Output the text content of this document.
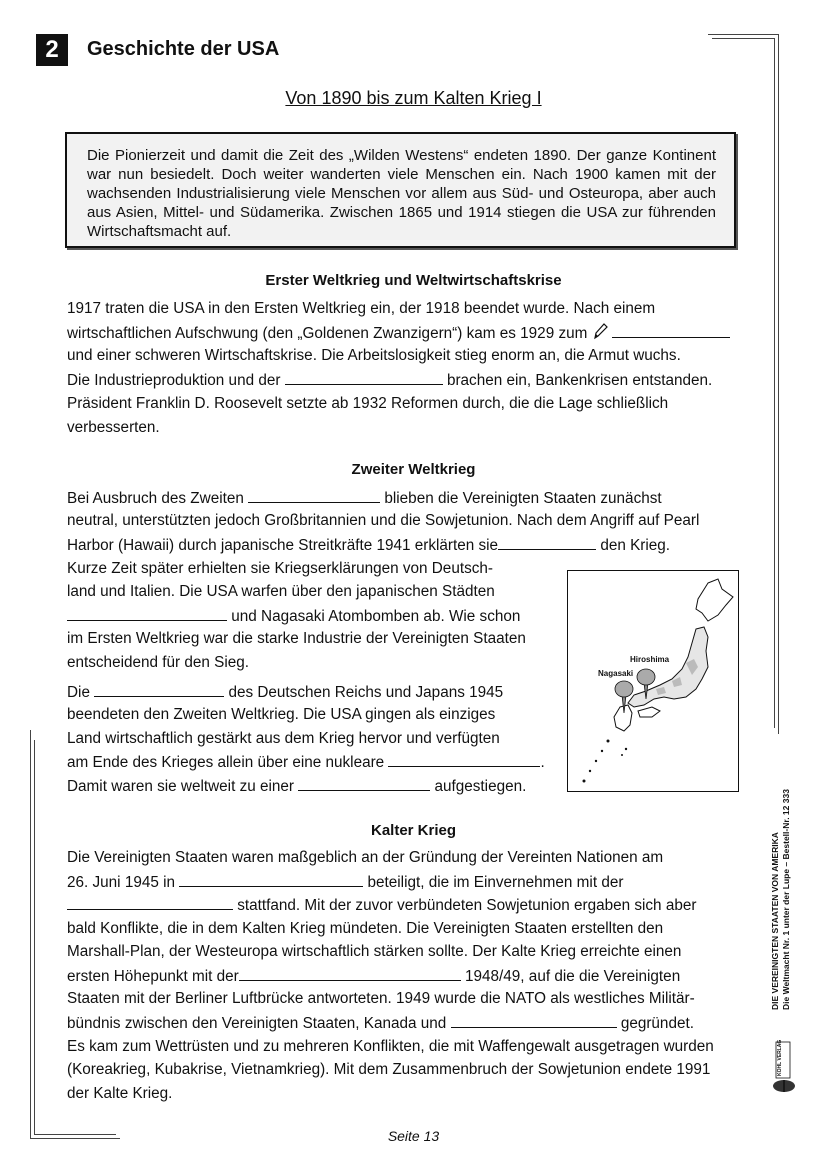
2	Geschichte der USA
Von 1890 bis zum Kalten Krieg I
Die Pionierzeit und damit die Zeit des „Wilden Westens“ endeten 1890. Der ganze Kontinent war nun besiedelt. Doch weiter wanderten viele Menschen ein. Nach 1900 kamen mit der wachsenden Industrialisierung viele Menschen vor allem aus Süd- und Osteuropa, aber auch aus Asien, Mittel- und Südamerika. Zwischen 1865 und 1914 stiegen die USA zur führenden Wirtschaftsmacht auf.
Erster Weltkrieg und Weltwirtschaftskrise
1917 traten die USA in den Ersten Weltkrieg ein, der 1918 beendet wurde. Nach einem
wirtschaftlichen Aufschwung (den „Goldenen Zwanzigern“) kam es 1929 zum
und einer schweren Wirtschaftskrise. Die Arbeitslosigkeit stieg enorm an, die Armut wuchs.
Die Industrieproduktion und der	brachen ein, Bankenkrisen entstanden.
Präsident Franklin D. Roosevelt setzte ab 1932 Reformen durch, die die Lage schließlich
verbesserten.
Zweiter Weltkrieg
Bei Ausbruch des Zweiten	blieben die Vereinigten Staaten zunächst
neutral, unterstützten jedoch Großbritannien und die Sowjetunion. Nach dem Angriff auf Pearl
Harbor (Hawaii) durch japanische Streitkräfte 1941 erklärten sie	den Krieg.
Kurze Zeit später erhielten sie Kriegserklärungen von Deutsch-
land und Italien. Die USA warfen über den japanischen Städten
und Nagasaki Atombomben ab. Wie schon
im Ersten Weltkrieg war die starke Industrie der Vereinigten Staaten
entscheidend für den Sieg.
Die	des Deutschen Reichs und Japans 1945
beendeten den Zweiten Weltkrieg. Die USA gingen als einziges
Land wirtschaftlich gestärkt aus dem Krieg hervor und verfügten
am Ende des Krieges allein über eine nukleare	.
Damit waren sie weltweit zu einer	aufgestiegen.
Hiroshima
Nagasaki
Kalter Krieg
Die Vereinigten Staaten waren maßgeblich an der Gründung der Vereinten Nationen am
26. Juni 1945 in	beteiligt, die im Einvernehmen mit der
stattfand. Mit der zuvor verbündeten Sowjetunion ergaben sich aber
bald Konflikte, die in dem Kalten Krieg mündeten. Die Vereinigten Staaten erstellten den
Marshall-Plan, der Westeuropa wirtschaftlich stärken sollte. Der Kalte Krieg erreichte einen
ersten Höhepunkt mit der	1948/49, auf die die Vereinigten
Staaten mit der Berliner Luftbrücke antworteten. 1949 wurde die NATO als westliches Militär-
bündnis zwischen den Vereinigten Staaten, Kanada und	gegründet.
Es kam zum Wettrüsten und zu mehreren Konflikten, die mit Waffengewalt ausgetragen wurden
(Koreakrieg, Kubakrise, Vietnamkrieg). Mit dem Zusammenbruch der Sowjetunion endete 1991
der Kalte Krieg.
DIE VEREINIGTEN STAATEN VON AMERIKA Die Weltmacht Nr. 1 unter der Lupe – Bestell-Nr. 12 333
KOHL VERLAG
Seite 13
